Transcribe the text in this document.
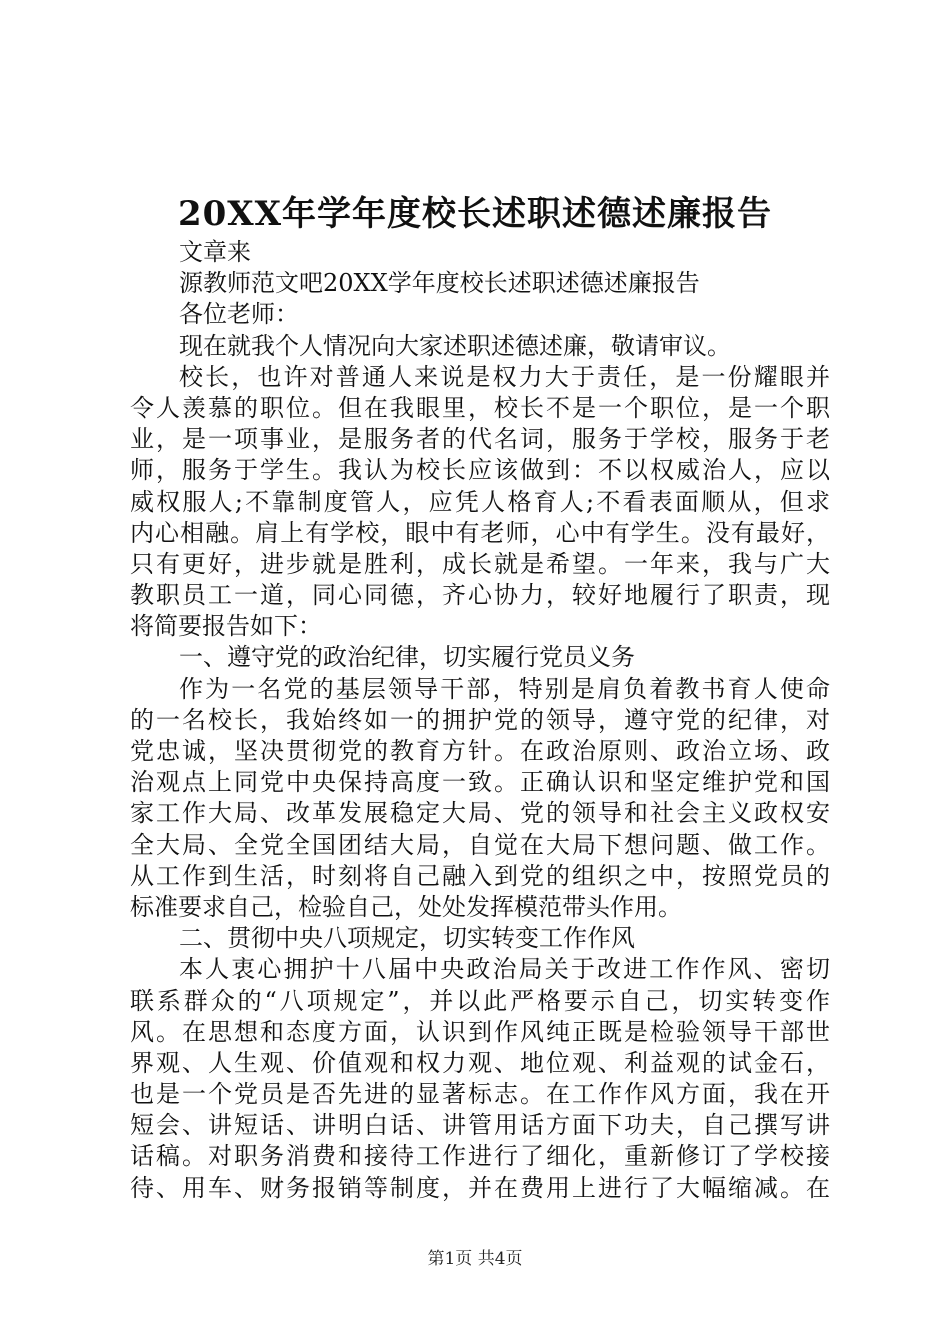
20XX年学年度校长述职述德述廉报告
文章来
源教师范文吧20XX学年度校长述职述德述廉报告
各位老师：
现在就我个人情况向大家述职述德述廉，敬请审议。
校长，也许对普通人来说是权力大于责任，是一份耀眼并
令人羡慕的职位。但在我眼里，校长不是一个职位，是一个职
业，是一项事业，是服务者的代名词，服务于学校，服务于老
师，服务于学生。我认为校长应该做到：不以权威治人，应以
威权服人;不靠制度管人，应凭人格育人;不看表面顺从，但求
内心相融。肩上有学校，眼中有老师，心中有学生。没有最好，
只有更好，进步就是胜利，成长就是希望。一年来，我与广大
教职员工一道，同心同德，齐心协力，较好地履行了职责，现
将简要报告如下：
一、遵守党的政治纪律，切实履行党员义务
作为一名党的基层领导干部，特别是肩负着教书育人使命
的一名校长，我始终如一的拥护党的领导，遵守党的纪律，对
党忠诚，坚决贯彻党的教育方针。在政治原则、政治立场、政
治观点上同党中央保持高度一致。正确认识和坚定维护党和国
家工作大局、改革发展稳定大局、党的领导和社会主义政权安
全大局、全党全国团结大局，自觉在大局下想问题、做工作。
从工作到生活，时刻将自己融入到党的组织之中，按照党员的
标准要求自己，检验自己，处处发挥模范带头作用。
二、贯彻中央八项规定，切实转变工作作风
本人衷心拥护十八届中央政治局关于改进工作作风、密切
联系群众的“八项规定”，并以此严格要示自己，切实转变作
风。在思想和态度方面，认识到作风纯正既是检验领导干部世
界观、人生观、价值观和权力观、地位观、利益观的试金石，
也是一个党员是否先进的显著标志。在工作作风方面，我在开
短会、讲短话、讲明白话、讲管用话方面下功夫，自己撰写讲
话稿。对职务消费和接待工作进行了细化，重新修订了学校接
待、用车、财务报销等制度，并在费用上进行了大幅缩减。在
第1页 共4页
